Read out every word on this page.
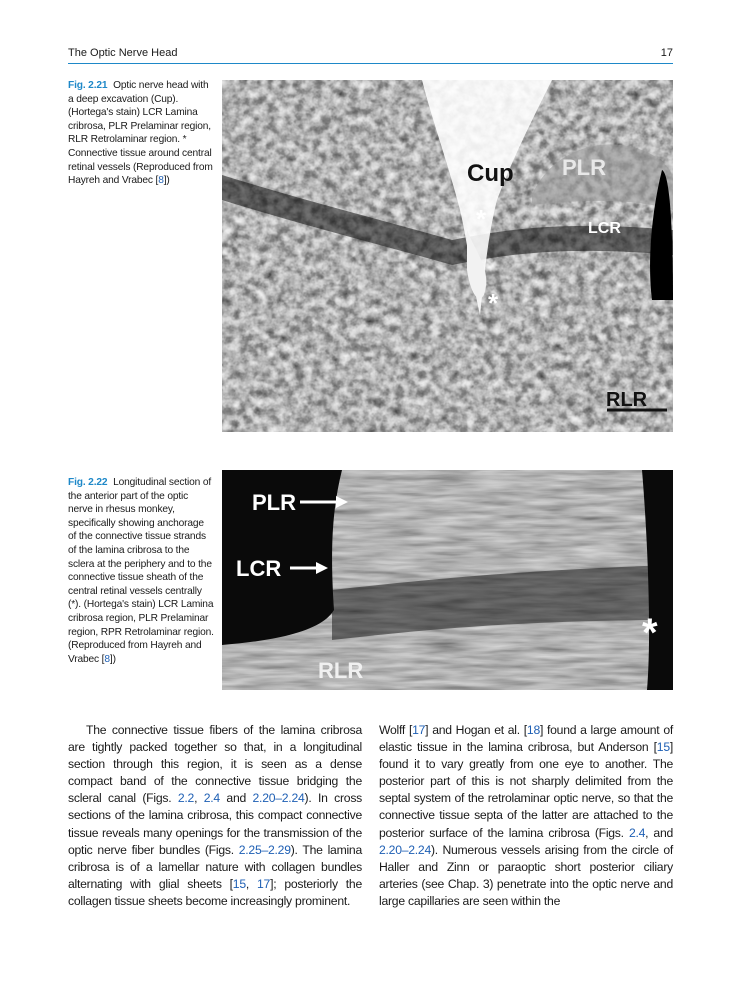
The Optic Nerve Head	17
Fig. 2.21 Optic nerve head with a deep excavation (Cup). (Hortega's stain) LCR Lamina cribrosa, PLR Prelaminar region, RLR Retrolaminar region. * Connective tissue around central retinal vessels (Reproduced from Hayreh and Vrabec [8])	Cup PLR
LCR
RLR
*
*
Fig. 2.22 Longitudinal section of the anterior part of the optic nerve in rhesus monkey, specifically showing anchorage of the connective tissue strands of the lamina cribrosa to the sclera at the periphery and to the connective tissue sheath of the central retinal vessels centrally (*). (Hortega's stain) LCR Lamina cribrosa region, PLR Prelaminar region, RPR Retrolaminar region. (Reproduced from Hayreh and Vrabec [8])
PLR
LCR
RLR
*
The connective tissue fibers of the lamina cribrosa are tightly packed together so that, in a longitudinal section through this region, it is seen as a dense compact band of the connective tissue bridging the scleral canal (Figs. 2.2, 2.4 and 2.20–2.24). In cross sections of the lamina cribrosa, this compact connective tissue reveals many openings for the transmission of the optic nerve fiber bundles (Figs. 2.25–2.29). The lamina cribrosa is of a lamellar nature with collagen bundles alternating with glial sheets [15, 17]; posteriorly the collagen tissue sheets become increasingly prominent.
Wolff [17] and Hogan et al. [18] found a large amount of elastic tissue in the lamina cribrosa, but Anderson [15] found it to vary greatly from one eye to another. The posterior part of this is not sharply delimited from the septal system of the retrolaminar optic nerve, so that the connective tissue septa of the latter are attached to the posterior surface of the lamina cribrosa (Figs. 2.4, and 2.20–2.24). Numerous vessels arising from the circle of Haller and Zinn or paraoptic short posterior ciliary arteries (see Chap. 3) penetrate into the optic nerve and large capillaries are seen within the
